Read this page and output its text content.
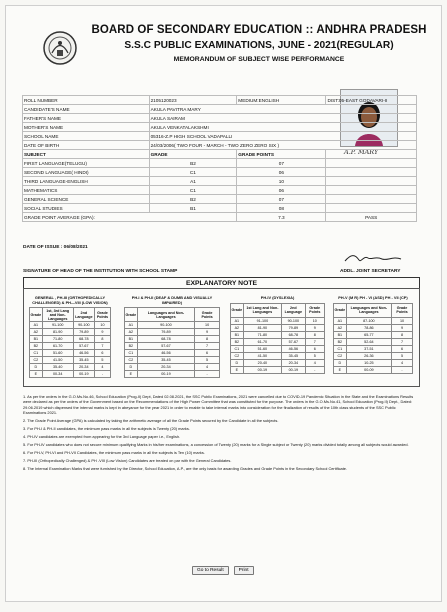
BOARD OF SECONDARY EDUCATION :: ANDHRA PRADESH
S.S.C PUBLIC EXAMINATIONS, JUNE - 2021(REGULAR)
MEMORANDUM OF SUBJECT WISE PERFORMANCE
A.P. MARY
ROLL NUMBER	2105120023	MEDIUM:ENGLISH	DIST:05-EAST GODAVARI-II
CANDIDATE'S NAME	AKULA PAVITRA MARY		
FATHER'S NAME	AKULA SAIRAM		
MOTHER'S NAME	AKULA VENKATALAKSHMI		
SCHOOL NAME	05316-Z.P HIGH SCHOOL VADAPALLI		
DATE OF BIRTH	24/03/2006( TWO FOUR - MARCH - TWO ZERO ZERO SIX )		
SUBJECT	GRADE	GRADE POINTS	
FIRST LANGUAGE(TELUGU)	B2	07	
SECOND LANGUAGE( HINDI)	C1	06	
THIRD LANGUAGE-ENGLISH	A1	10	
MATHEMATICS	C1	06	
GENERAL SCIENCE	B2	07	
SOCIAL STUDIES	B1	08	
GRADE POINT AVERAGE (GPA):		7.3	PASS
DATE OF ISSUE : 06/08/2021
SIGNATURE OF HEAD OF THE INSTITUTION WITH SCHOOL STAMP	ADDL. JOINT SECRETARY
EXPLANATORY NOTE
GENERAL , PH-III (ORTHOPEDICALLY CHALLENGED) & PH—VIII (LOW VISION)
Grade	1st, 3rd Lang and Non-Languages	2nd Language	Grade Points
A1	91-100	90-100	10
A2	81-90	79-89	9
B1	71-80	68-78	8
B2	61-70	57-67	7
C1	51-60	46-56	6
C2	41-50	35-45	5
D	35-40	20-34	4
E	00-34	00-19	-
PH-I & PH-II (DEAF & DUMB AND VISUALLY IMPAIRED)
Grade	Languages and Non-Languages	Grade Points
A1	90-100	10
A2	79-89	9
B1	68-78	8
B2	57-67	7
C1	46-56	6
C2	35-45	5
D	20-34	4
E	00-19	-
PH-IV (DYSLEXIA)
Grade	1st Lang and Non-Languages	2nd Language	Grade Points
A1	91-100	90-100	10
A2	81-90	79-89	9
B1	71-80	68-78	8
B2	61-70	57-67	7
C1	51-60	46-56	6
C2	41-50	35-45	5
D	20-40	20-34	4
E	00-19	00-19	-
PH-V (M R) PH - VI (ASD) PH - VII (CP)
Grade	Languages and Non-Languages	Grade Points
A1	87-100	10
A2	78-86	9
B1	65-77	8
B2	52-64	7
C1	37-51	6
C2	26-36	5
D	10-25	4
E	00-09	-

1. As per the orders in the G.O.Ms.No.46, School Education (Prog-II) Dept, Dated 02.08.2021, the SSC Public Examinations, 2021 were cancelled due to COVID-19 Pandemic Situation in the State and the Examinations Results were declared as per the orders of the Government based on the Recommendations of the High Power Committee that was constituted for the purpose. The orders in the G.O.Ms.No.41, School Education (Prog.II) Dept., Dated: 29.06.2019 which dispensed the internal marks is kept in abeyance for the year 2021 in order to enable to take internal marks into consideration for the finalization of results of the 10th class students of the SSC Public Examinations 2021.

2. The Grade Point Average (GPA) is calculated by taking the arithmetic average of all the Grade Points secured by the Candidate in all the subjects.

3. For PH-I & PH-II candidates, the minimum pass marks in all the subjects is Twenty (20) marks.

4. PH-IV candidates are exempted from appearing for the 3rd Language paper i.e., English.

5. For PH-IV candidates who does not secure minimum qualifying Marks in his/her examinations, a concession of Twenty (20) marks for a Single subject or Twenty (20) marks divided totally among all subjects would awarded.

6. For PH-V, PH-VI and PH-VII Candidates, the minimum pass marks in all the subjects is Ten (10) marks.

7. PH-III (Orthopedically Challenged) & PH -VIII (Low Vision) Candidates are treated on par with the General Candidates.

8. The Internal Examination Marks that were furnished by the Director, School Education, A.P., are the only basis for awarding Grades and Grade Points in the Secondary School Certificate.

Go to Result	Print
